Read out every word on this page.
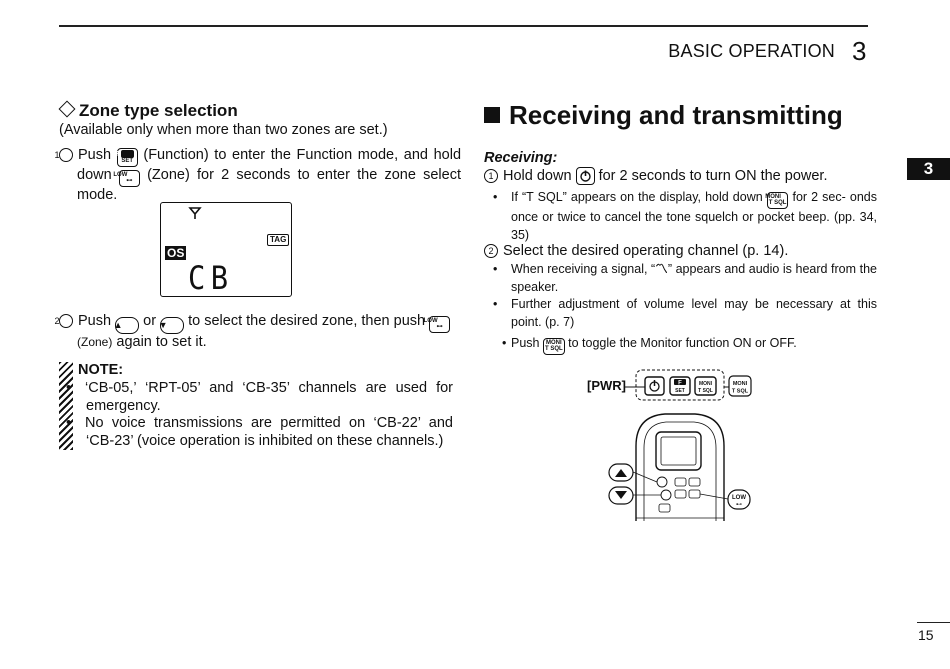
BASIC OPERATION 3
3
Zone type selection
(Available only when more than two zones are set.)
1 Push F
SET (Function) to enter the Function mode, and hold down LOW
⊷ (Zone) for 2 seconds to enter the zone select mode.
TAG
OS
CB
2 Push ▲ or ▼ to select the desired zone, then push LOW
⊷
(Zone) again to set it.
NOTE:
• ‘CB-05,’ ‘RPT-05’ and ‘CB-35’ channels are used for emergency.
• No voice transmissions are permitted on ‘CB-22’ and ‘CB-23’ (voice operation is inhibited on these channels.)
Receiving and transmitting
Receiving:
1 Hold down for 2 seconds to turn ON the power.
• If “T SQL” appears on the display, hold down MONI
T SQL for 2 sec- onds once or twice to cancel the tone squelch or pocket beep. (pp. 34, 35)
2 Select the desired operating channel (p. 14).
• When receiving a signal, “〽” appears and audio is heard from the speaker.
• Further adjustment of volume level may be necessary at this point. (p. 7)
• Push MONI
T SQL to toggle the Monitor function ON or OFF.
[PWR]	F
SET
MONI
T SQL
MONI
T SQL
LOW
⊷
15
